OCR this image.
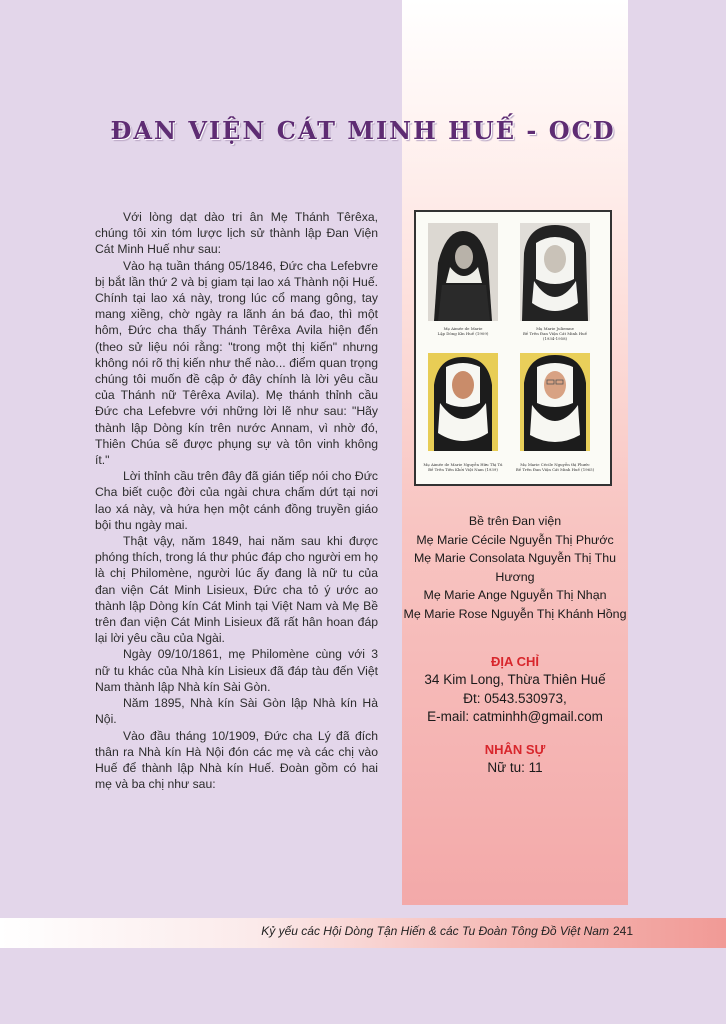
ĐAN VIỆN CÁT MINH HUẾ - OCD

Với lòng dạt dào tri ân Mẹ Thánh Têrêxa, chúng tôi xin tóm lược lịch sử thành lập Đan Viện Cát Minh Huế như sau:

Vào hạ tuần tháng 05/1846, Đức cha Lefebvre bị bắt lần thứ 2 và bị giam tại lao xá Thành nội Huế. Chính tại lao xá này, trong lúc cổ mang gông, tay mang xiềng, chờ ngày ra lãnh án bá đao, thì một hôm, Đức cha thấy Thánh Têrêxa Avila hiện đến (theo sử liệu nói rằng: "trong một thị kiến" nhưng không nói rõ thị kiến như thế nào... điểm quan trọng chúng tôi muốn đề cập ở đây chính là lời yêu cầu của Thánh nữ Têrêxa Avila). Mẹ thánh thỉnh cầu Đức cha Lefebvre với những lời lẽ như sau: "Hãy thành lập Dòng kín trên nước Annam, vì nhờ đó, Thiên Chúa sẽ được phụng sự và tôn vinh không ít."

Lời thỉnh cầu trên đây đã gián tiếp nói cho Đức Cha biết cuộc đời của ngài chưa chấm dứt tại nơi lao xá này, và hứa hẹn một cánh đồng truyền giáo bội thu ngày mai.

Thật vậy, năm 1849, hai năm sau khi được phóng thích, trong lá thư phúc đáp cho người em họ là chị Philomène, người lúc ấy đang là nữ tu của đan viện Cát Minh Lisieux, Đức cha tỏ ý ước ao thành lập Dòng kín Cát Minh tại Việt Nam và Mẹ Bề trên đan viện Cát Minh Lisieux đã rất hân hoan đáp lại lời yêu cầu của Ngài.

Ngày 09/10/1861, mẹ Philomène cùng với 3 nữ tu khác của Nhà kín Lisieux đã đáp tàu đến Việt Nam thành lập Nhà kín Sài Gòn.

Năm 1895, Nhà kín Sài Gòn lập Nhà kín Hà Nội.

Vào đầu tháng 10/1909, Đức cha Lý đã đích thân ra Nhà kín Hà Nội đón các mẹ và các chị vào Huế để thành lập Nhà kín Huế. Đoàn gồm có hai mẹ và ba chị như sau:

Mẹ Aimée de Marie
Lập Dòng Kín Huế (1909)
Mẹ Marie Juliemne
Bề Trên Đan Viện Cát Minh Huế
(1934-1958)
Mẹ Aimée de Marie Nguyễn Hữu Thị Tú
Bề Trên Tiên Khởi Việt Nam (1939)
Mẹ Marie Cécile Nguyễn thị Phước
Bề Trên Đan Viện Cát Minh Huế (1965)
Bề trên Đan viện
Mẹ Marie Cécile Nguyễn Thị Phước
Mẹ Marie Consolata Nguyễn Thị Thu Hương
Mẹ Marie Ange Nguyễn Thị Nhạn
Mẹ Marie Rose Nguyễn Thị Khánh Hồng
ĐỊA CHỈ
34 Kim Long, Thừa Thiên Huế
Đt: 0543.530973,
E-mail: catminhh@gmail.com
NHÂN SỰ
Nữ tu: 11
Kỷ yếu các Hội Dòng Tận Hiến & các Tu Đoàn Tông Đồ Việt Nam 241
